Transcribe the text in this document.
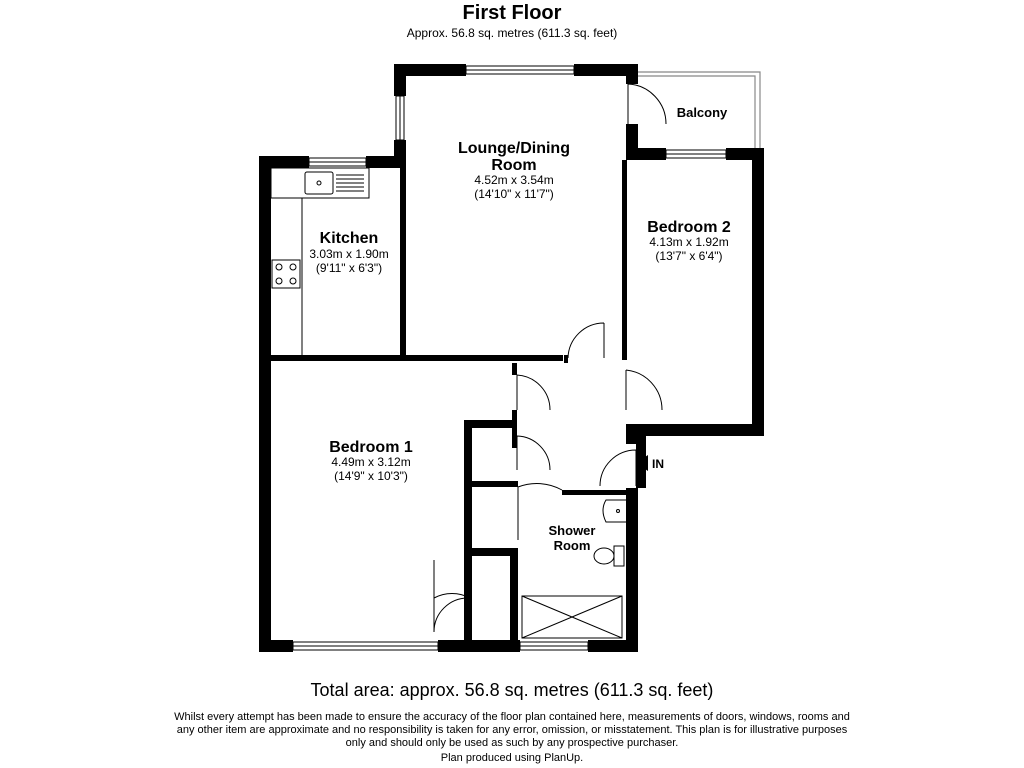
First Floor
Approx. 56.8 sq. metres (611.3 sq. feet)
IN
Lounge/Dining
Room
4.52m x 3.54m
(14'10" x 11'7")
Kitchen
3.03m x 1.90m
(9'11" x 6'3")
Bedroom 2
4.13m x 1.92m
(13'7" x 6'4")
Bedroom 1
4.49m x 3.12m
(14'9" x 10'3")
Shower
Room
Balcony
Total area: approx. 56.8 sq. metres (611.3 sq. feet)
Whilst every attempt has been made to ensure the accuracy of the floor plan contained here, measurements of doors, windows, rooms and any other item are approximate and no responsibility is taken for any error, omission, or misstatement. This plan is for illustrative purposes only and should only be used as such by any prospective purchaser.
Plan produced using PlanUp.
